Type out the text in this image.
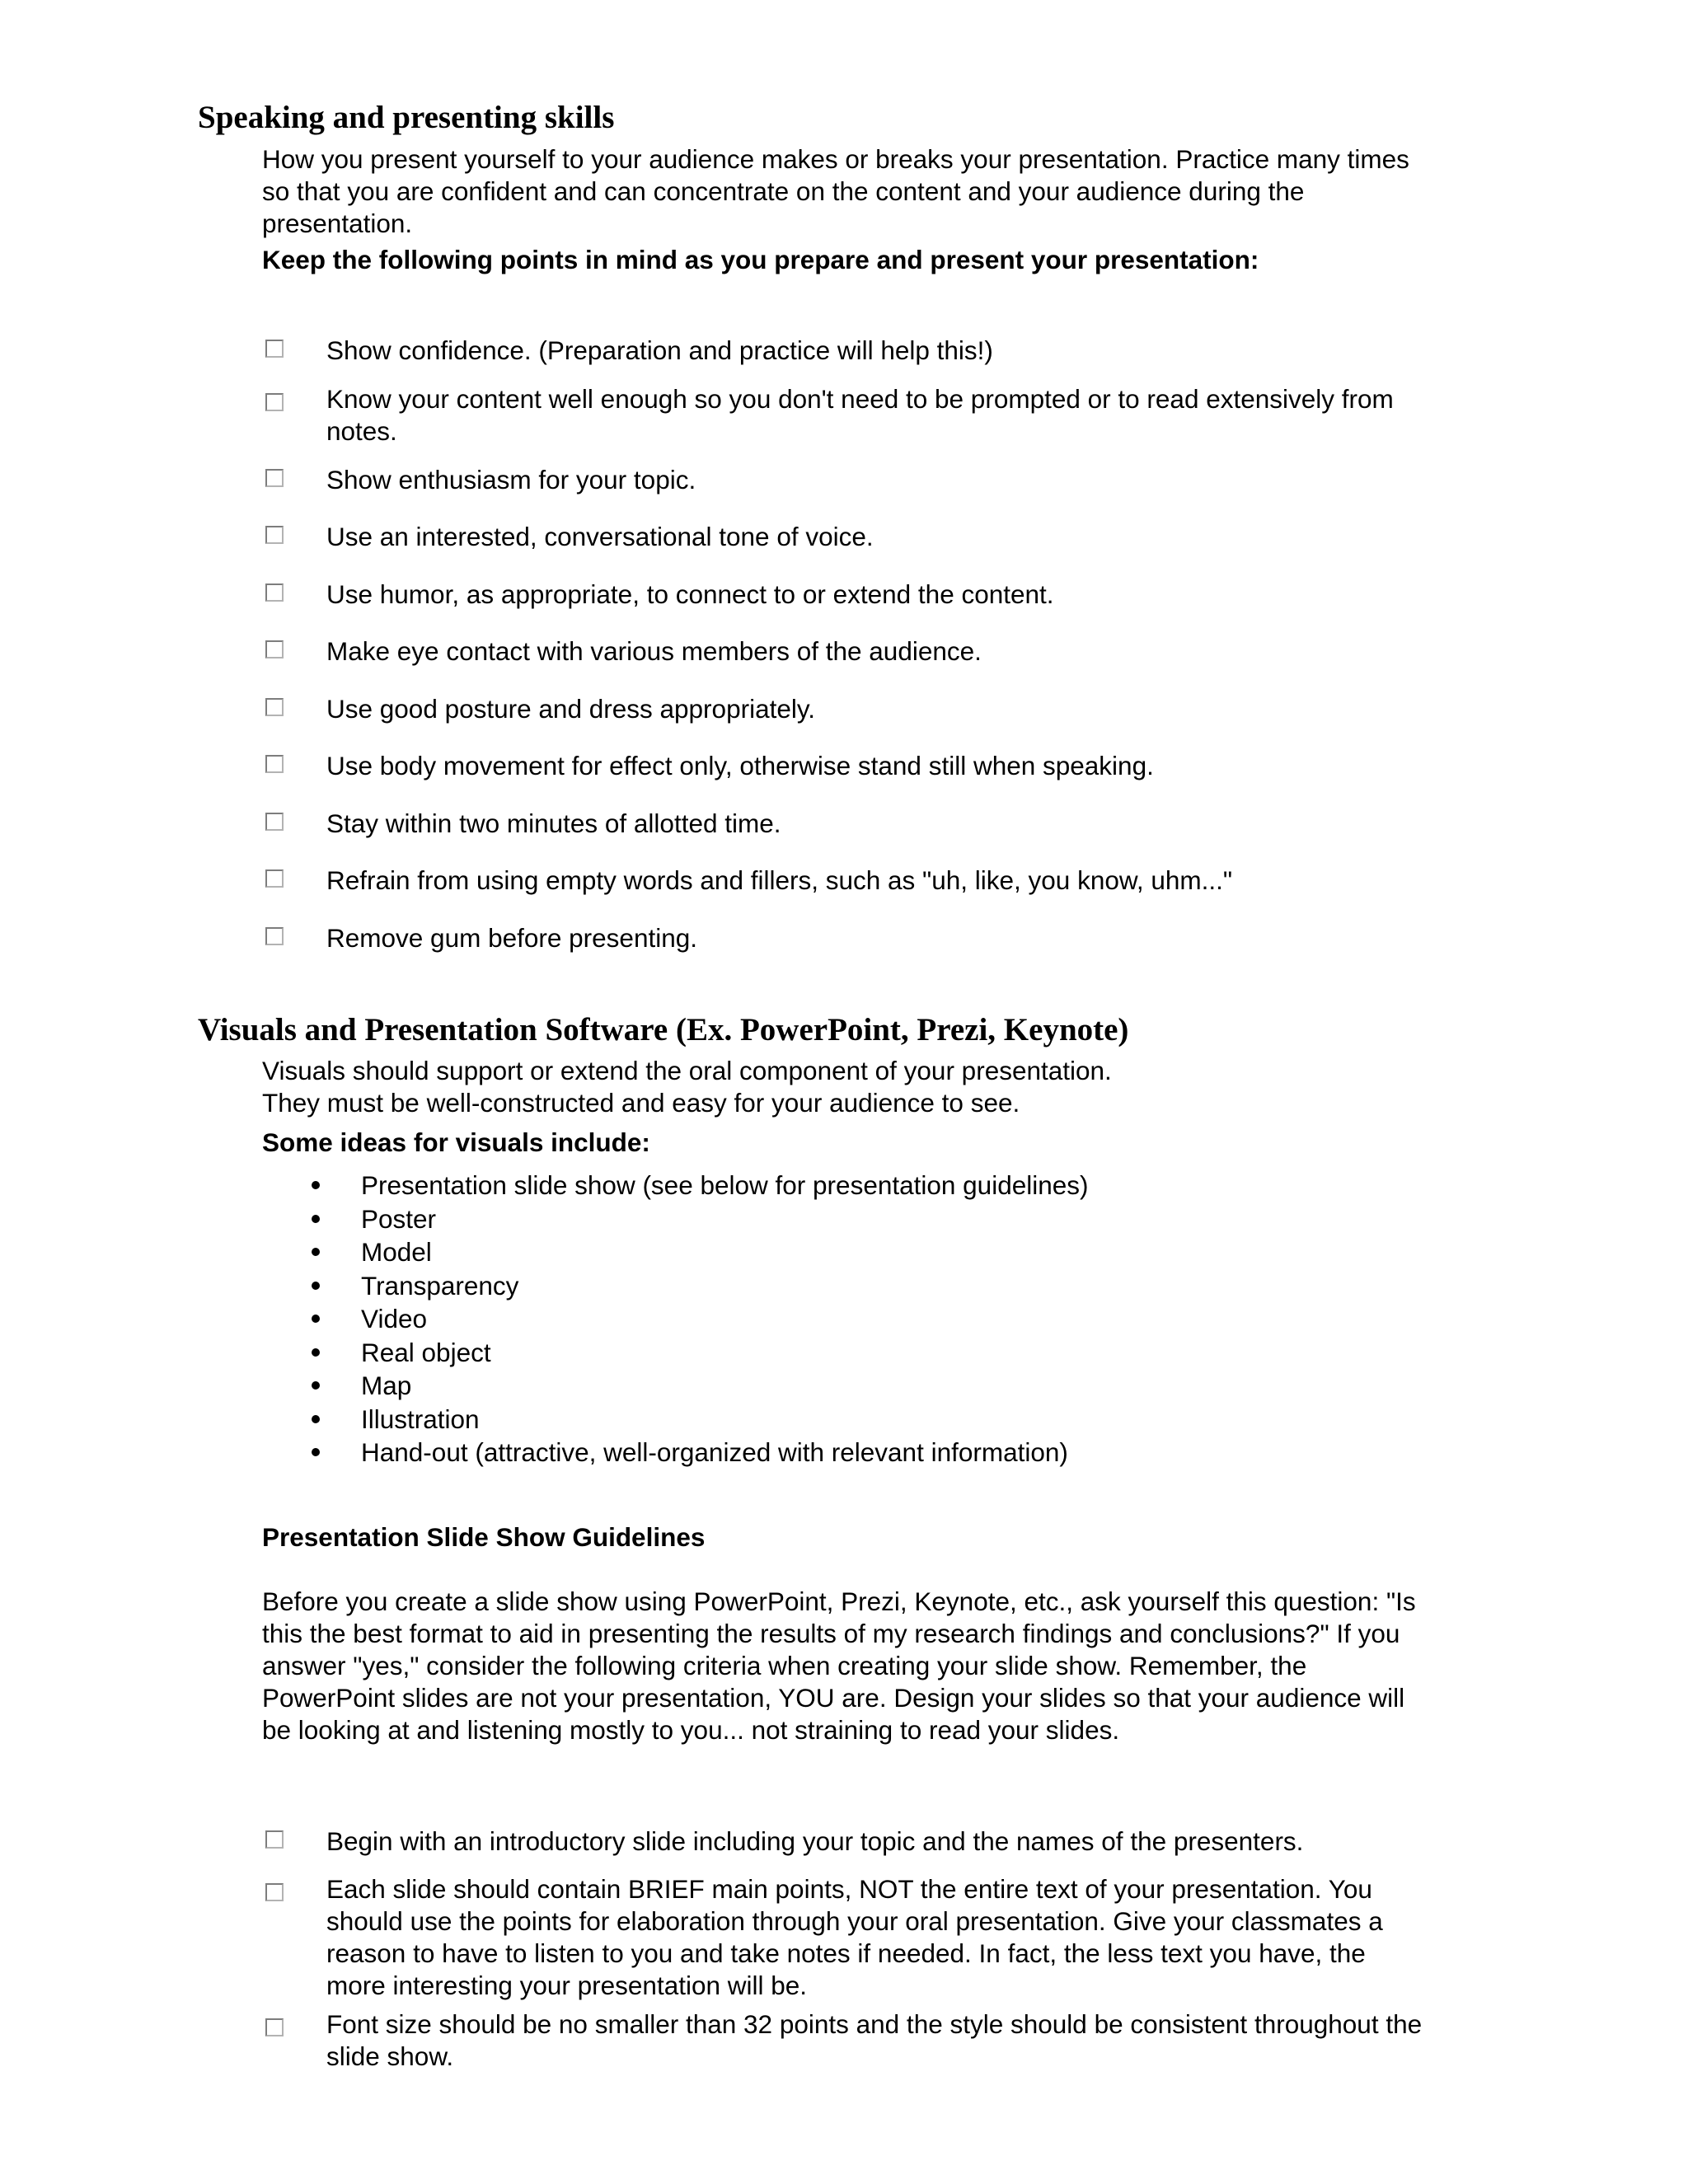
Speaking and presenting skills

How you present yourself to your audience makes or breaks your presentation. Practice many times so that you are confident and can concentrate on the content and your audience during the presentation.

Keep the following points in mind as you prepare and present your presentation:

Show confidence. (Preparation and practice will help this!)
Know your content well enough so you don't need to be prompted or to read extensively from notes.
Show enthusiasm for your topic.
Use an interested, conversational tone of voice.
Use humor, as appropriate, to connect to or extend the content.
Make eye contact with various members of the audience.
Use good posture and dress appropriately.
Use body movement for effect only, otherwise stand still when speaking.
Stay within two minutes of allotted time.
Refrain from using empty words and fillers, such as "uh, like, you know, uhm..."
Remove gum before presenting.
Visuals and Presentation Software (Ex. PowerPoint, Prezi, Keynote)

Visuals should support or extend the oral component of your presentation.

They must be well-constructed and easy for your audience to see.

Some ideas for visuals include:

Presentation slide show (see below for presentation guidelines)
Poster
Model
Transparency
Video
Real object
Map
Illustration
Hand-out (attractive, well-organized with relevant information)

Presentation Slide Show Guidelines

Before you create a slide show using PowerPoint, Prezi, Keynote, etc., ask yourself this question: "Is this the best format to aid in presenting the results of my research findings and conclusions?" If you answer "yes," consider the following criteria when creating your slide show. Remember, the PowerPoint slides are not your presentation, YOU are. Design your slides so that your audience will be looking at and listening mostly to you... not straining to read your slides.

Begin with an introductory slide including your topic and the names of the presenters.
Each slide should contain BRIEF main points, NOT the entire text of your presentation. You should use the points for elaboration through your oral presentation. Give your classmates a reason to have to listen to you and take notes if needed. In fact, the less text you have, the more interesting your presentation will be.
Font size should be no smaller than 32 points and the style should be consistent throughout the slide show.
